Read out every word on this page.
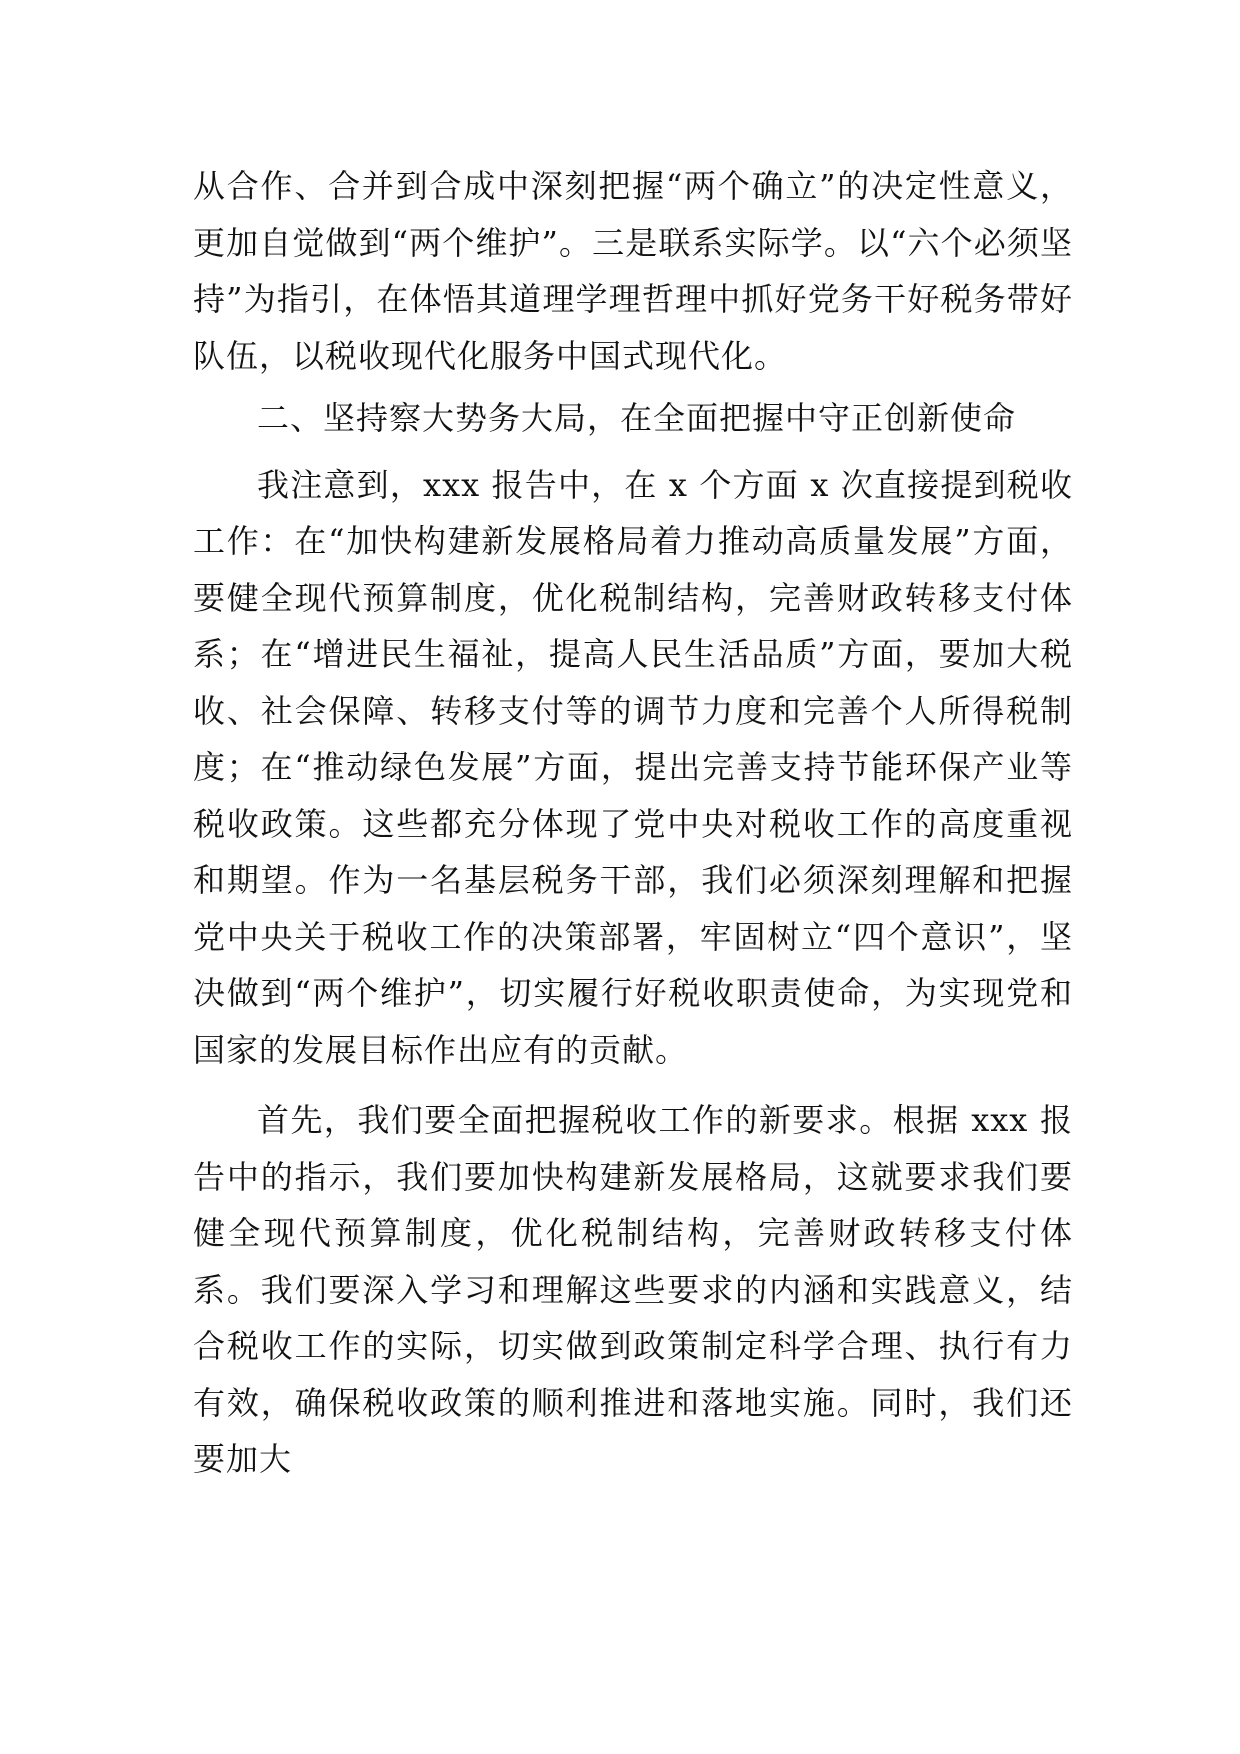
从合作、合并到合成中深刻把握“两个确立”的决定性意义，更加自觉做到“两个维护”。三是联系实际学。以“六个必须坚持”为指引，在体悟其道理学理哲理中抓好党务干好税务带好队伍，以税收现代化服务中国式现代化。

二、坚持察大势务大局，在全面把握中守正创新使命

我注意到，xxx 报告中，在 x 个方面 x 次直接提到税收工作：在“加快构建新发展格局着力推动高质量发展”方面，要健全现代预算制度，优化税制结构，完善财政转移支付体系；在“增进民生福祉，提高人民生活品质”方面，要加大税收、社会保障、转移支付等的调节力度和完善个人所得税制度；在“推动绿色发展”方面，提出完善支持节能环保产业等税收政策。这些都充分体现了党中央对税收工作的高度重视和期望。作为一名基层税务干部，我们必须深刻理解和把握党中央关于税收工作的决策部署，牢固树立“四个意识”，坚决做到“两个维护”，切实履行好税收职责使命，为实现党和国家的发展目标作出应有的贡献。

首先，我们要全面把握税收工作的新要求。根据 xxx 报告中的指示，我们要加快构建新发展格局，这就要求我们要健全现代预算制度，优化税制结构，完善财政转移支付体系。我们要深入学习和理解这些要求的内涵和实践意义，结合税收工作的实际，切实做到政策制定科学合理、执行有力有效，确保税收政策的顺利推进和落地实施。同时，我们还要加大
